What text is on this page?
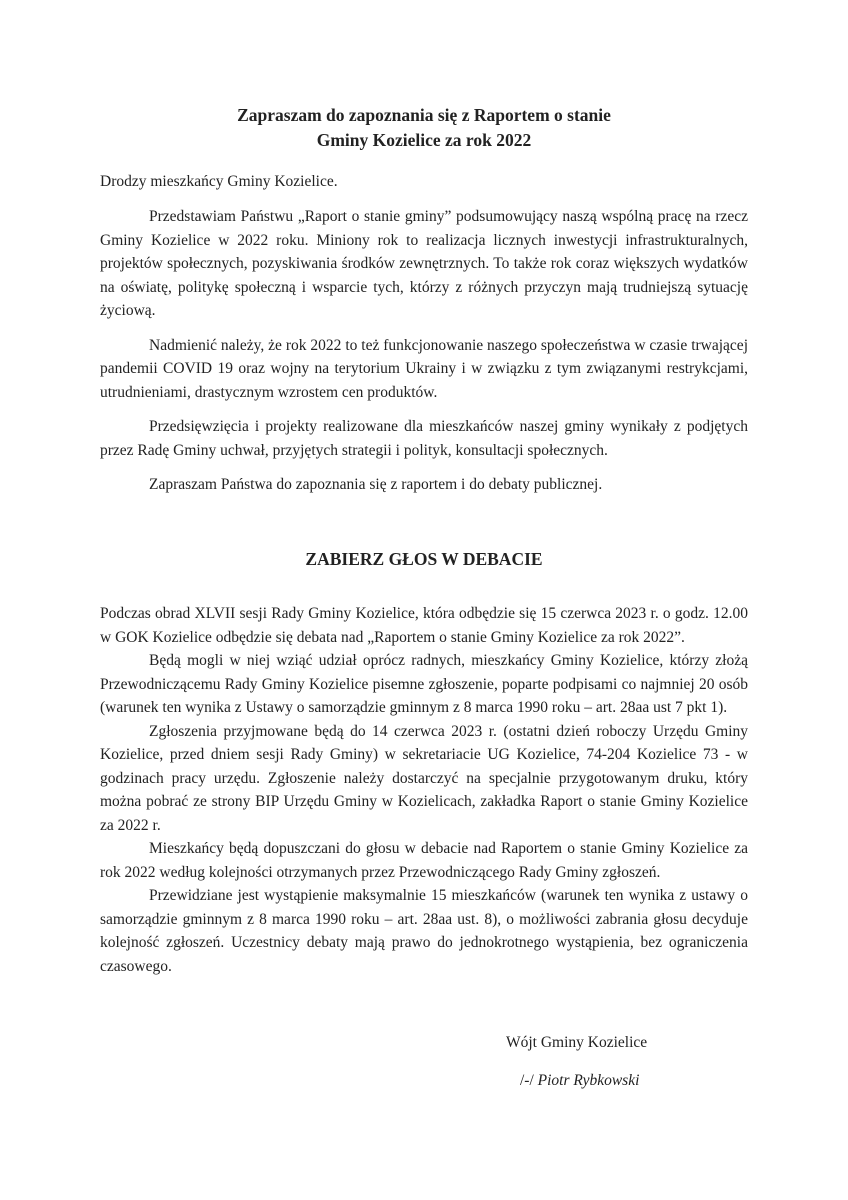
Zapraszam do zapoznania się z Raportem o stanie
Gminy Kozielice za rok 2022
Drodzy mieszkańcy Gminy Kozielice.

Przedstawiam Państwu „Raport o stanie gminy” podsumowujący naszą wspólną pracę na rzecz Gminy Kozielice w 2022 roku. Miniony rok to realizacja licznych inwestycji infrastrukturalnych, projektów społecznych, pozyskiwania środków zewnętrznych. To także rok coraz większych wydatków na oświatę, politykę społeczną i wsparcie tych, którzy z różnych przyczyn mają trudniejszą sytuację życiową.

Nadmienić należy, że rok 2022 to też funkcjonowanie naszego społeczeństwa w czasie trwającej pandemii COVID 19 oraz wojny na terytorium Ukrainy i w związku z tym związanymi restrykcjami, utrudnieniami, drastycznym wzrostem cen produktów.

Przedsięwzięcia i projekty realizowane dla mieszkańców naszej gminy wynikały z podjętych przez Radę Gminy uchwał, przyjętych strategii i polityk, konsultacji społecznych.

Zapraszam Państwa do zapoznania się z raportem i do debaty publicznej.

ZABIERZ GŁOS W DEBACIE

Podczas obrad XLVII sesji Rady Gminy Kozielice, która odbędzie się 15 czerwca 2023 r. o godz. 12.00 w GOK Kozielice odbędzie się debata nad „Raportem o stanie Gminy Kozielice za rok 2022”.

Będą mogli w niej wziąć udział oprócz radnych, mieszkańcy Gminy Kozielice, którzy złożą Przewodniczącemu Rady Gminy Kozielice pisemne zgłoszenie, poparte podpisami co najmniej 20 osób (warunek ten wynika z Ustawy o samorządzie gminnym z 8 marca 1990 roku – art. 28aa ust 7 pkt 1).

Zgłoszenia przyjmowane będą do 14 czerwca 2023 r. (ostatni dzień roboczy Urzędu Gminy Kozielice, przed dniem sesji Rady Gminy) w sekretariacie UG Kozielice, 74-204 Kozielice 73 - w godzinach pracy urzędu. Zgłoszenie należy dostarczyć na specjalnie przygotowanym druku, który można pobrać ze strony BIP Urzędu Gminy w Kozielicach, zakładka Raport o stanie Gminy Kozielice za 2022 r.

Mieszkańcy będą dopuszczani do głosu w debacie nad Raportem o stanie Gminy Kozielice za rok 2022 według kolejności otrzymanych przez Przewodniczącego Rady Gminy zgłoszeń.

Przewidziane jest wystąpienie maksymalnie 15 mieszkańców (warunek ten wynika z ustawy o samorządzie gminnym z 8 marca 1990 roku – art. 28aa ust. 8), o możliwości zabrania głosu decyduje kolejność zgłoszeń. Uczestnicy debaty mają prawo do jednokrotnego wystąpienia, bez ograniczenia czasowego.

Wójt Gminy Kozielice
/-/ Piotr Rybkowski
